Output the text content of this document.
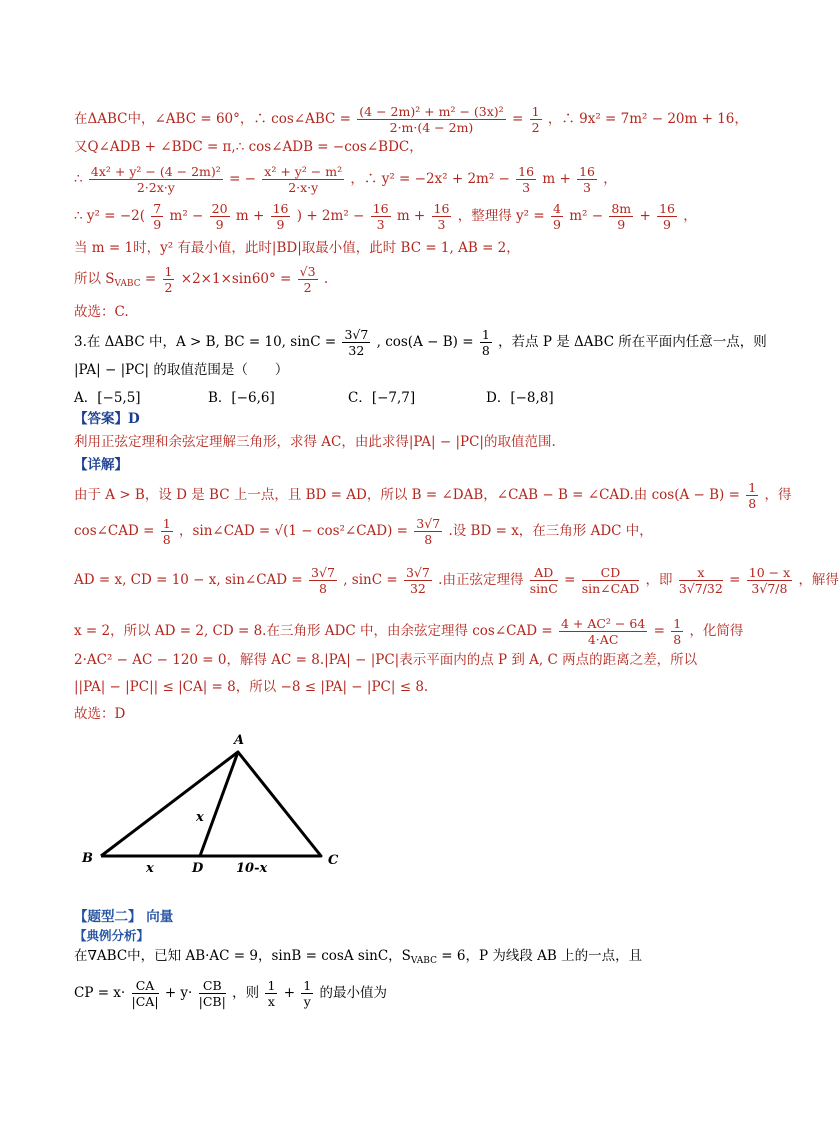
在ΔABC中，∠ABC = 60°，∴ cos∠ABC = $\frac{\text{(4 − 2m)² + m² − (3x)²}}{2\cdot m\cdot(4 - 2m)} = \frac{1}{2}$ ，∴ 9x² = 7m² − 20m + 16，
又Q∠ADB + ∠BDC = π,∴ cos∠ADB = −cos∠BDC，
∴ $\frac{\text{4x² + y² − (4 − 2m)²}}{2\cdot 2x\cdot y}$ = − $\frac{\text{x² + y² − m²}}{2\cdot x\cdot y}$ ，∴ $y^2 = -2x^2 + 2m^2 - \frac{16}{3}$ $m + \frac{16}{3}$ ，
∴ $y^2 = -2( \frac{7}{9} m^2 - \frac{20}{9}$ $m + \frac{16}{9}$ ) + $2m^2 - \frac{16}{3}$ $m + \frac{16}{3}$ ，整理得 $y^2 = \frac{4}{9} m^2 - \frac{8m}{9} + \frac{16}{9}$ ，
当 m = 1时，y² 有最小值，此时|BD|取最小值，此时 BC = 1, AB = 2，
所以 $S_{VABC} = \frac{1}{2} \times 2\times 1\times\sin 60^\circ = \frac{√3}{2}$ .
故选：C.
3.在 ΔABC 中，A > B, BC = 10, $\sin C = \frac{3√7}{32}$ , $\cos(A - B) = \frac{1}{8}$ ，若点 P 是 ΔABC 所在平面内任意一点，则
|PA| − |PC| 的取值范围是（　　）
A．[−5,5]	B．[−6,6]	C．[−7,7]	D．[−8,8]
【答案】D
利用正弦定理和余弦定理解三角形，求得 AC，由此求得|PA| − |PC|的取值范围.
【详解】
由于 A > B，设 D 是 BC 上一点，且 BD = AD，所以 B = ∠DAB，∠CAB − B = ∠CAD.由 $\cos(A - B) = \frac{1}{8}$ ，得
cos∠CAD = $\frac{1}{8}$ ，sin∠CAD = √(1 − cos²∠CAD) = $\frac{3√7}{8}$ .设 BD = x，在三角形 ADC 中，
AD = x, CD = 10 − x, sin∠CAD = $\frac{3√7}{8}$ , $\sin C = \frac{3√7}{32}$ .由正弦定理得 $\frac{AD}{\sin C} = \frac{CD}{\text{sin∠CAD}}$ ，即 $\frac{x}{3√7/32} = \frac{10 - x}{3√7/8}$ ，解得
x = 2，所以 AD = 2, CD = 8.在三角形 ADC 中，由余弦定理得 cos∠CAD = $\frac{\text{4 + AC² − 64}}{4\cdot AC} = \frac{1}{8}$ ，化简得
2·AC² − AC − 120 = 0，解得 AC = 8.|PA| − |PC|表示平面内的点 P 到 A, C 两点的距离之差，所以
||PA| − |PC|| ≤ |CA| = 8，所以 −8 ≤ |PA| − |PC| ≤ 8.
故选：D
A
B	C
D
x
x	10-x
【题型二】 向量
【典例分析】
在∇ABC中，已知 AB·AC = 9，sinB = cosA sinC，$S_{VABC} = 6$，P 为线段 AB 上的一点，且
CP = $x\cdot \frac{CA}{|CA|} + y\cdot \frac{CB}{|CB|}$ ，则 $\frac{1}{x} + \frac{1}{y}$ 的最小值为
